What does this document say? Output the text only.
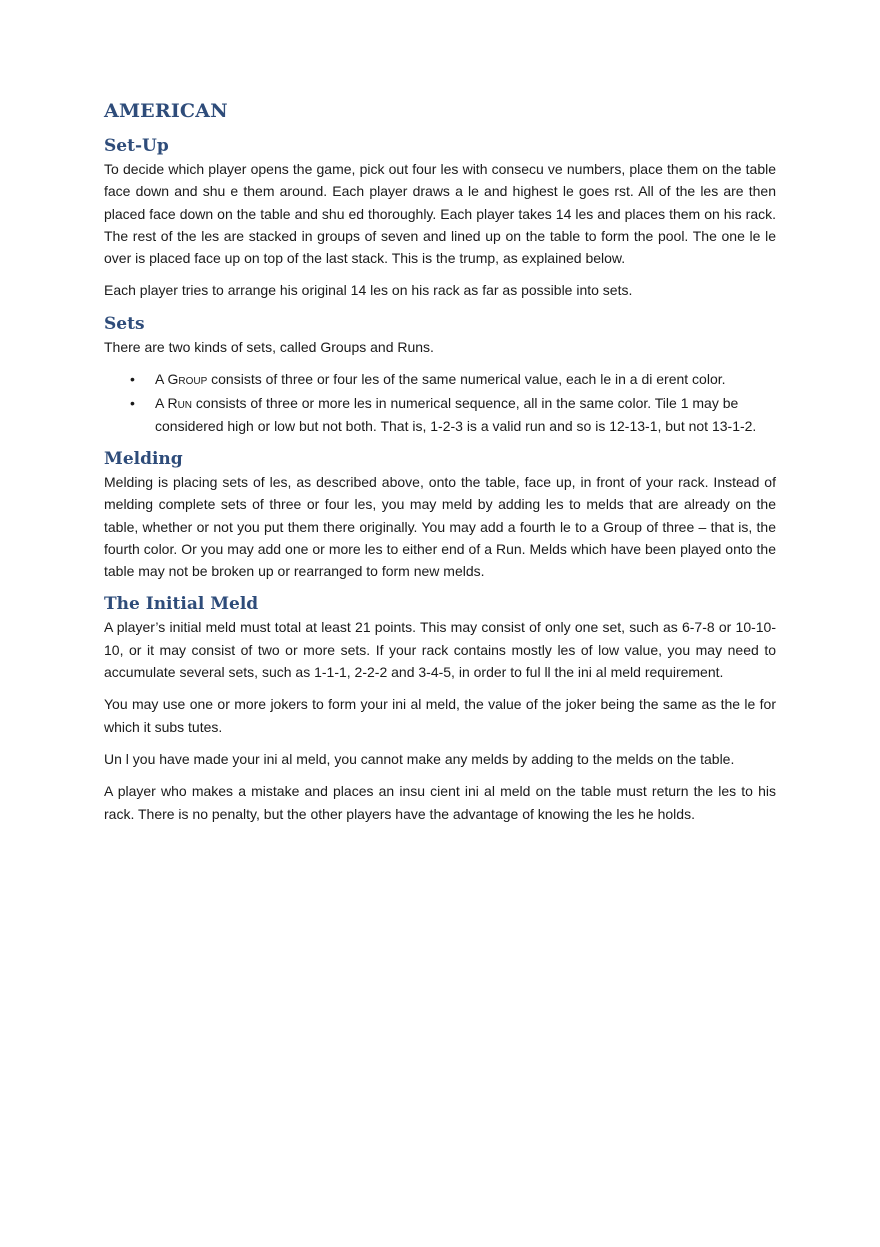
AMERICAN
Set-Up

To decide which player opens the game, pick out four les with consecu ve numbers, place them on the table face down and shu e them around. Each player draws a le and highest le goes rst. All of the les are then placed face down on the table and shu ed thoroughly. Each player takes 14 les and places them on his rack. The rest of the les are stacked in groups of seven and lined up on the table to form the pool. The one le le over is placed face up on top of the last stack. This is the trump, as explained below.

Each player tries to arrange his original 14 les on his rack as far as possible into sets.

Sets

There are two kinds of sets, called Groups and Runs.

• A Group consists of three or four les of the same numerical value, each le in a di erent color.
• A Run consists of three or more les in numerical sequence, all in the same color. Tile 1 may be considered high or low but not both. That is, 1-2-3 is a valid run and so is 12-13-1, but not 13-1-2.
Melding

Melding is placing sets of les, as described above, onto the table, face up, in front of your rack. Instead of melding complete sets of three or four les, you may meld by adding les to melds that are already on the table, whether or not you put them there originally. You may add a fourth le to a Group of three – that is, the fourth color. Or you may add one or more les to either end of a Run. Melds which have been played onto the table may not be broken up or rearranged to form new melds.

The Initial Meld

A player’s initial meld must total at least 21 points. This may consist of only one set, such as 6-7-8 or 10-10-10, or it may consist of two or more sets. If your rack contains mostly les of low value, you may need to accumulate several sets, such as 1-1-1, 2-2-2 and 3-4-5, in order to ful ll the ini al meld requirement.

You may use one or more jokers to form your ini al meld, the value of the joker being the same as the le for which it subs tutes.

Un l you have made your ini al meld, you cannot make any melds by adding to the melds on the table.

A player who makes a mistake and places an insu cient ini al meld on the table must return the les to his rack. There is no penalty, but the other players have the advantage of knowing the les he holds.
